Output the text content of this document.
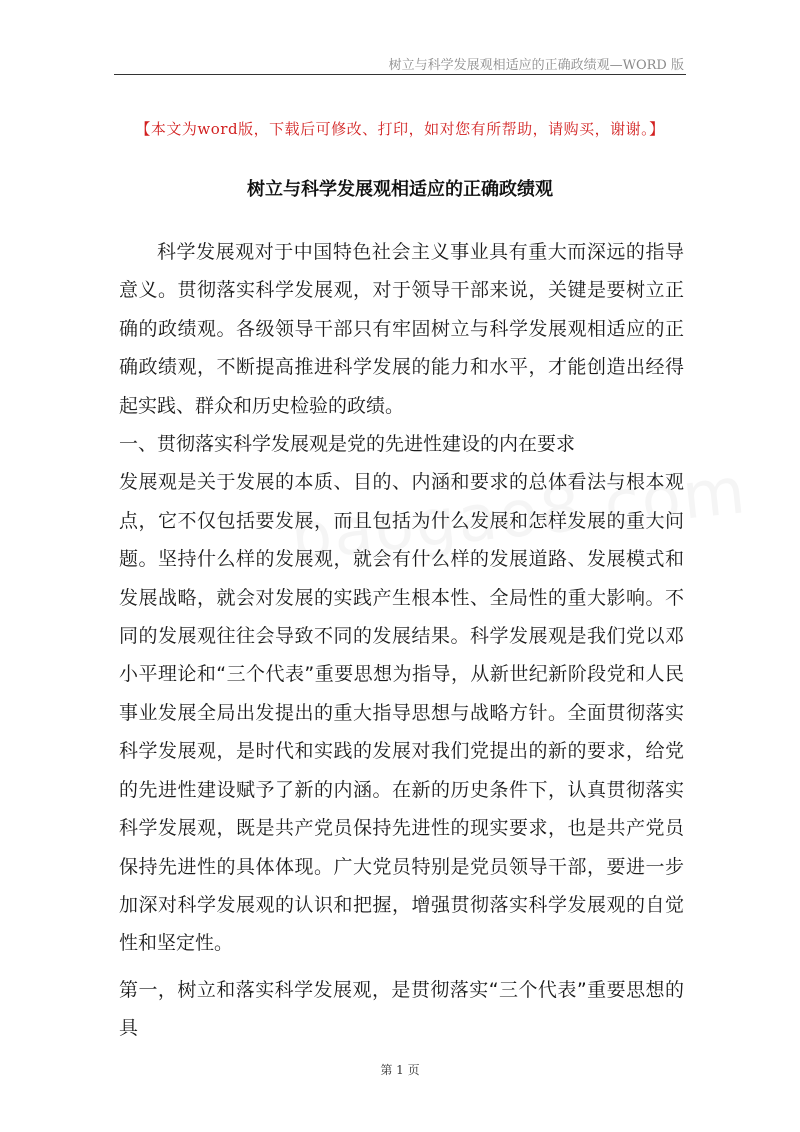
树立与科学发展观相适应的正确政绩观—WORD 版
【本文为word版，下载后可修改、打印，如对您有所帮助，请购买，谢谢。】
树立与科学发展观相适应的正确政绩观

科学发展观对于中国特色社会主义事业具有重大而深远的指导意义。贯彻落实科学发展观，对于领导干部来说，关键是要树立正确的政绩观。各级领导干部只有牢固树立与科学发展观相适应的正确政绩观，不断提高推进科学发展的能力和水平，才能创造出经得起实践、群众和历史检验的政绩。

一、贯彻落实科学发展观是党的先进性建设的内在要求

发展观是关于发展的本质、目的、内涵和要求的总体看法与根本观点，它不仅包括要发展，而且包括为什么发展和怎样发展的重大问题。坚持什么样的发展观，就会有什么样的发展道路、发展模式和发展战略，就会对发展的实践产生根本性、全局性的重大影响。不同的发展观往往会导致不同的发展结果。科学发展观是我们党以邓小平理论和“三个代表”重要思想为指导，从新世纪新阶段党和人民事业发展全局出发提出的重大指导思想与战略方针。全面贯彻落实科学发展观，是时代和实践的发展对我们党提出的新的要求，给党的先进性建设赋予了新的内涵。在新的历史条件下，认真贯彻落实科学发展观，既是共产党员保持先进性的现实要求，也是共产党员保持先进性的具体体现。广大党员特别是党员领导干部，要进一步加深对科学发展观的认识和把握，增强贯彻落实科学发展观的自觉性和坚定性。

第一，树立和落实科学发展观，是贯彻落实“三个代表”重要思想的具

第 1 页
